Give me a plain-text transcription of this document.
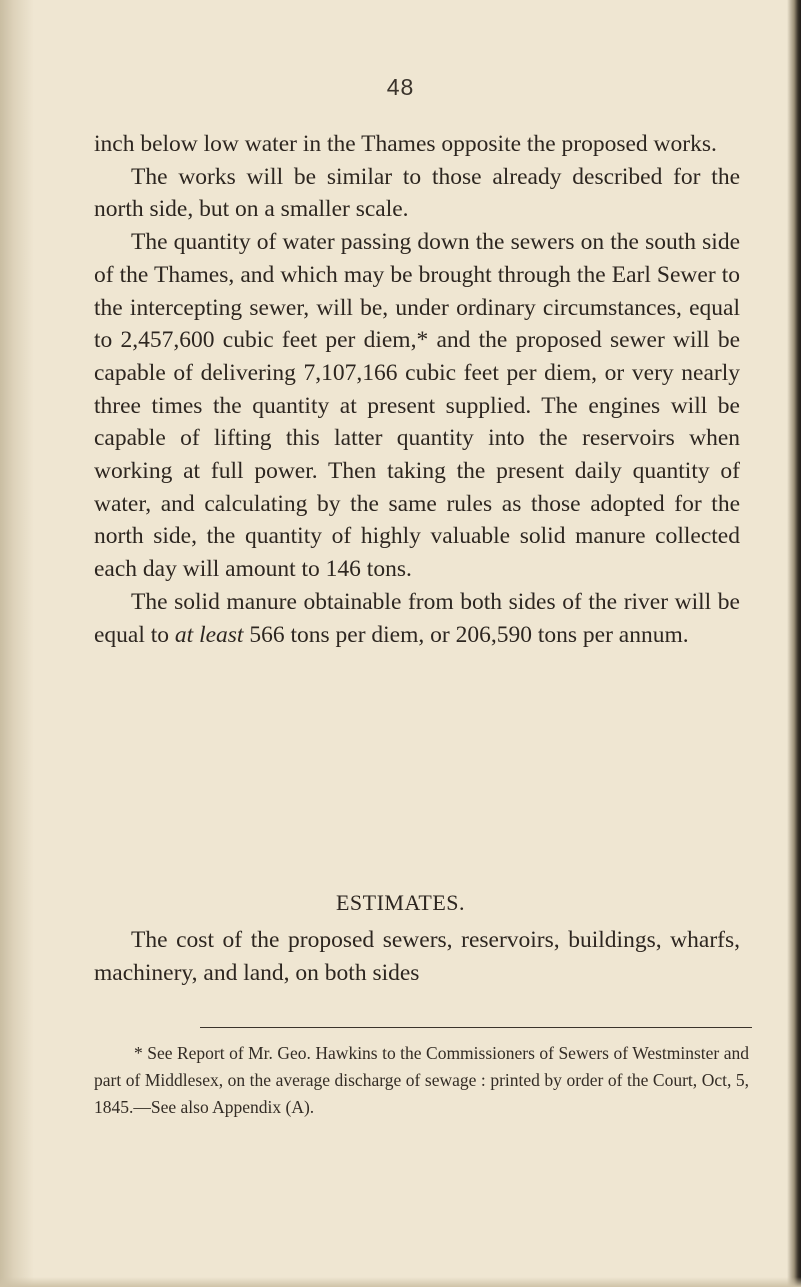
48

inch below low water in the Thames opposite the proposed works.

The works will be similar to those already described for the north side, but on a smaller scale.

The quantity of water passing down the sewers on the south side of the Thames, and which may be brought through the Earl Sewer to the intercepting sewer, will be, under ordinary circumstances, equal to 2,457,600 cubic feet per diem,* and the proposed sewer will be capable of delivering 7,107,166 cubic feet per diem, or very nearly three times the quantity at present supplied. The engines will be capable of lifting this latter quantity into the reservoirs when working at full power. Then taking the present daily quantity of water, and calculating by the same rules as those adopted for the north side, the quantity of highly valuable solid manure collected each day will amount to 146 tons.

The solid manure obtainable from both sides of the river will be equal to at least 566 tons per diem, or 206,590 tons per annum.

ESTIMATES.

The cost of the proposed sewers, reservoirs, buildings, wharfs, machinery, and land, on both sides

* See Report of Mr. Geo. Hawkins to the Commissioners of Sewers of Westminster and part of Middlesex, on the average discharge of sewage : printed by order of the Court, Oct, 5, 1845.—See also Appendix (A).
